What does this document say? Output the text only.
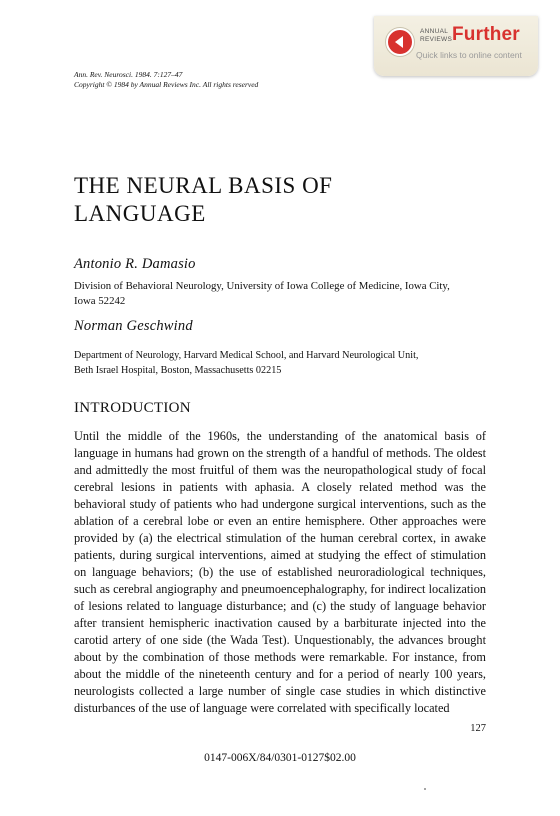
ANNUAL
REVIEWS Further
Quick links to online content
Ann. Rev. Neurosci. 1984. 7:127–47
Copyright © 1984 by Annual Reviews Inc. All rights reserved
THE NEURAL BASIS OF
LANGUAGE
Antonio R. Damasio
Division of Behavioral Neurology, University of Iowa College of Medicine, Iowa City,
Iowa 52242
Norman Geschwind
Department of Neurology, Harvard Medical School, and Harvard Neurological Unit,
Beth Israel Hospital, Boston, Massachusetts 02215
INTRODUCTION

Until the middle of the 1960s, the understanding of the anatomical basis of language in humans had grown on the strength of a handful of methods. The oldest and admittedly the most fruitful of them was the neuropathological study of focal cerebral lesions in patients with aphasia. A closely related method was the behavioral study of patients who had undergone surgical interventions, such as the ablation of a cerebral lobe or even an entire hemisphere. Other approaches were provided by (a) the electrical stimulation of the human cerebral cortex, in awake patients, during surgical interventions, aimed at studying the effect of stimulation on language behaviors; (b) the use of established neuroradiological techniques, such as cerebral angiography and pneumoencephalography, for indirect localization of lesions related to language disturbance; and (c) the study of language behavior after transient hemispheric inactivation caused by a barbiturate injected into the carotid artery of one side (the Wada Test). Unquestionably, the advances brought about by the combination of those methods were remarkable. For instance, from about the middle of the nineteenth century and for a period of nearly 100 years, neurologists collected a large number of single case studies in which distinctive disturbances of the use of language were correlated with specifically located

127
0147-006X/84/0301-0127$02.00
